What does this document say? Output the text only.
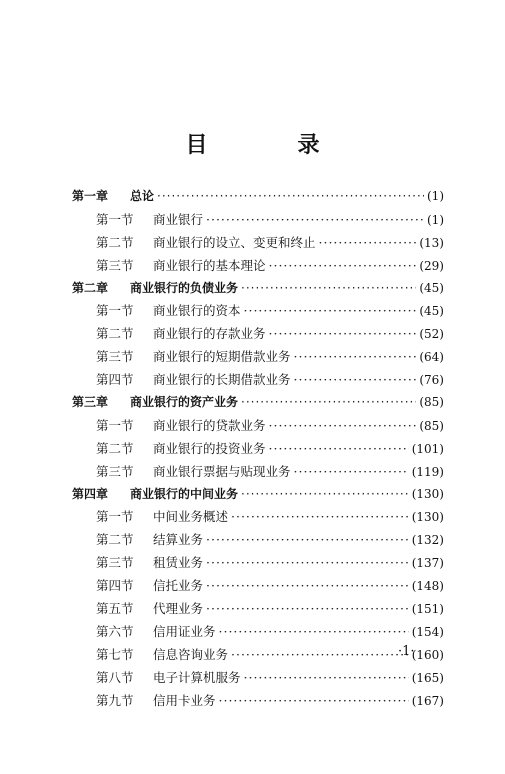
目　录
第一章	总论 ·····	(1)
第一节	商业银行 ·····	(1)
第二节	商业银行的设立、变更和终止 ·····	(13)
第三节	商业银行的基本理论 ·····	(29)
第二章	商业银行的负债业务 ·····	(45)
第一节	商业银行的资本 ·····	(45)
第二节	商业银行的存款业务 ·····	(52)
第三节	商业银行的短期借款业务 ·····	(64)
第四节	商业银行的长期借款业务 ·····	(76)
第三章	商业银行的资产业务 ·····	(85)
第一节	商业银行的贷款业务 ·····	(85)
第二节	商业银行的投资业务 ·····	(101)
第三节	商业银行票据与贴现业务 ·····	(119)
第四章	商业银行的中间业务 ·····	(130)
第一节	中间业务概述 ·····	(130)
第二节	结算业务 ·····	(132)
第三节	租赁业务 ·····	(137)
第四节	信托业务 ·····	(148)
第五节	代理业务 ·····	(151)
第六节	信用证业务 ·····	(154)
第七节	信息咨询业务 ·····	(160)
第八节	电子计算机服务 ·····	(165)
第九节	信用卡业务 ·····	(167)
·1·
